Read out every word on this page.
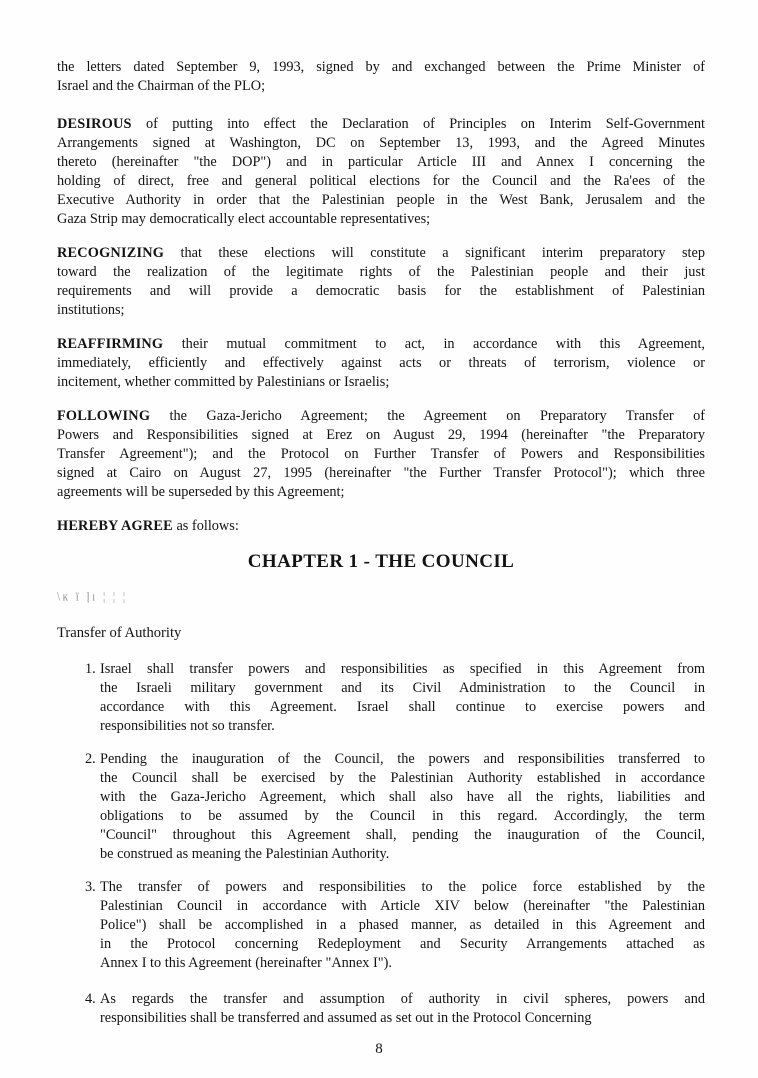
the letters dated September 9, 1993, signed by and exchanged between the Prime Minister of
Israel and the Chairman of the PLO;
DESIROUS of putting into effect the Declaration of Principles on Interim Self-Government
Arrangements signed at Washington, DC on September 13, 1993, and the Agreed Minutes
thereto (hereinafter "the DOP") and in particular Article III and Annex I concerning the
holding of direct, free and general political elections for the Council and the Ra'ees of the
Executive Authority in order that the Palestinian people in the West Bank, Jerusalem and the
Gaza Strip may democratically elect accountable representatives;
RECOGNIZING that these elections will constitute a significant interim preparatory step
toward the realization of the legitimate rights of the Palestinian people and their just
requirements and will provide a democratic basis for the establishment of Palestinian
institutions;
REAFFIRMING their mutual commitment to act, in accordance with this Agreement,
immediately, efficiently and effectively against acts or threats of terrorism, violence or
incitement, whether committed by Palestinians or Israelis;
FOLLOWING the Gaza-Jericho Agreement; the Agreement on Preparatory Transfer of
Powers and Responsibilities signed at Erez on August 29, 1994 (hereinafter "the Preparatory
Transfer Agreement"); and the Protocol on Further Transfer of Powers and Responsibilities
signed at Cairo on August 27, 1995 (hereinafter "the Further Transfer Protocol"); which three
agreements will be superseded by this Agreement;
HEREBY AGREE as follows:
CHAPTER 1 - THE COUNCIL
\ĸ ï ļı ¦ ¦ ¦
Transfer of Authority
1. Israel shall transfer powers and responsibilities as specified in this Agreement from
the Israeli military government and its Civil Administration to the Council in
accordance with this Agreement. Israel shall continue to exercise powers and
responsibilities not so transfer.
2. Pending the inauguration of the Council, the powers and responsibilities transferred to
the Council shall be exercised by the Palestinian Authority established in accordance
with the Gaza-Jericho Agreement, which shall also have all the rights, liabilities and
obligations to be assumed by the Council in this regard. Accordingly, the term
"Council" throughout this Agreement shall, pending the inauguration of the Council,
be construed as meaning the Palestinian Authority.
3. The transfer of powers and responsibilities to the police force established by the
Palestinian Council in accordance with Article XIV below (hereinafter "the Palestinian
Police") shall be accomplished in a phased manner, as detailed in this Agreement and
in the Protocol concerning Redeployment and Security Arrangements attached as
Annex I to this Agreement (hereinafter "Annex I").
4. As regards the transfer and assumption of authority in civil spheres, powers and
responsibilities shall be transferred and assumed as set out in the Protocol Concerning
8
